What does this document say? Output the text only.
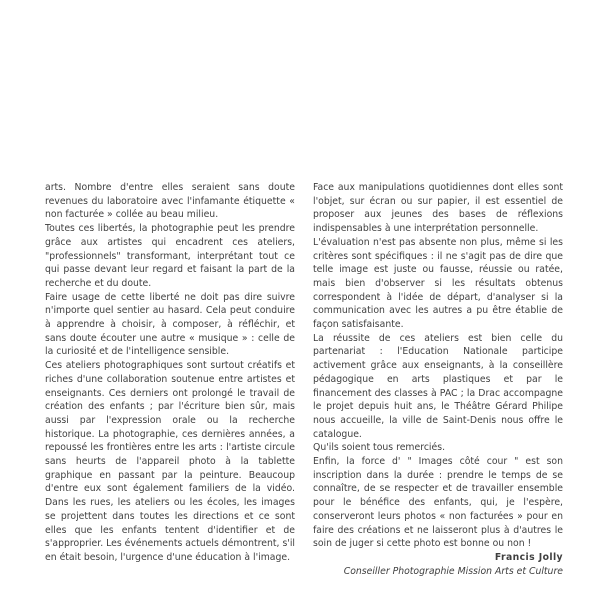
arts. Nombre d'entre elles seraient sans doute revenues du laboratoire avec l'infamante étiquette « non facturée » collée au beau milieu.

Toutes ces libertés, la photographie peut les prendre grâce aux artistes qui encadrent ces ateliers, "professionnels" transformant, interprétant tout ce qui passe devant leur regard et faisant la part de la recherche et du doute.

Faire usage de cette liberté ne doit pas dire suivre n'importe quel sentier au hasard. Cela peut conduire à apprendre à choisir, à composer, à réfléchir, et sans doute écouter une autre « musique » : celle de la curiosité et de l'intelligence sensible.

Ces ateliers photographiques sont surtout créatifs et riches d'une collaboration soutenue entre artistes et enseignants. Ces derniers ont prolongé le travail de création des enfants ; par l'écriture bien sûr, mais aussi par l'expression orale ou la recherche historique. La photographie, ces dernières années, a repoussé les frontières entre les arts : l'artiste circule sans heurts de l'appareil photo à la tablette graphique en passant par la peinture. Beaucoup d'entre eux sont également familiers de la vidéo. Dans les rues, les ateliers ou les écoles, les images se projettent dans toutes les directions et ce sont elles que les enfants tentent d'identifier et de s'approprier. Les événements actuels démontrent, s'il en était besoin, l'urgence d'une éducation à l'image.

Face aux manipulations quotidiennes dont elles sont l'objet, sur écran ou sur papier, il est essentiel de proposer aux jeunes des bases de réflexions indispensables à une interprétation personnelle.

L'évaluation n'est pas absente non plus, même si les critères sont spécifiques : il ne s'agit pas de dire que telle image est juste ou fausse, réussie ou ratée, mais bien d'observer si les résultats obtenus correspondent à l'idée de départ, d'analyser si la communication avec les autres a pu être établie de façon satisfaisante.

La réussite de ces ateliers est bien celle du partenariat : l'Education Nationale participe activement grâce aux enseignants, à la conseillère pédagogique en arts plastiques et par le financement des classes à PAC ; la Drac accompagne le projet depuis huit ans, le Théâtre Gérard Philipe nous accueille, la ville de Saint-Denis nous offre le catalogue.

Qu'ils soient tous remerciés.

Enfin, la force d' " Images côté cour " est son inscription dans la durée : prendre le temps de se connaître, de se respecter et de travailler ensemble pour le bénéfice des enfants, qui, je l'espère, conserveront leurs photos « non facturées » pour en faire des créations et ne laisseront plus à d'autres le soin de juger si cette photo est bonne ou non !

Francis Jolly

Conseiller Photographie Mission Arts et Culture
